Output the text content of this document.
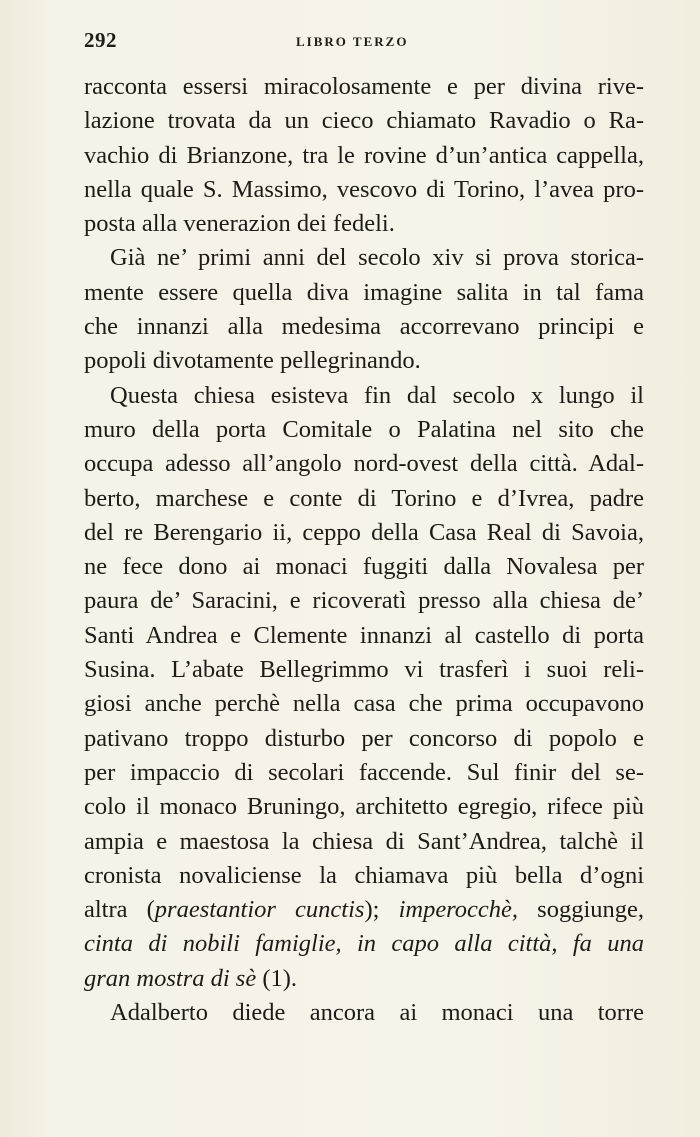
292	LIBRO TERZO
racconta essersi miracolosamente e per divina rive-
lazione trovata da un cieco chiamato Ravadio o Ra-
vachio di Brianzone, tra le rovine d’un’antica cappella,
nella quale S. Massimo, vescovo di Torino, l’avea pro-
posta alla venerazion dei fedeli.
Già ne’ primi anni del secolo xiv si prova storica-
mente essere quella diva imagine salita in tal fama
che innanzi alla medesima accorrevano principi e
popoli divotamente pellegrinando.
Questa chiesa esisteva fin dal secolo x lungo il
muro della porta Comitale o Palatina nel sito che
occupa adesso all’angolo nord-ovest della città. Adal-
berto, marchese e conte di Torino e d’Ivrea, padre
del re Berengario ii, ceppo della Casa Real di Savoia,
ne fece dono ai monaci fuggiti dalla Novalesa per
paura de’ Saracini, e ricoveratì presso alla chiesa de’
Santi Andrea e Clemente innanzi al castello di porta
Susina. L’abate Bellegrimmo vi trasferì i suoi reli-
giosi anche perchè nella casa che prima occupavono
pativano troppo disturbo per concorso di popolo e
per impaccio di secolari faccende. Sul finir del se-
colo il monaco Bruningo, architetto egregio, rifece più
ampia e maestosa la chiesa di Sant’Andrea, talchè il
cronista novaliciense la chiamava più bella d’ogni
altra (praestantior cunctis); imperocchè, soggiunge,
cinta di nobili famiglie, in capo alla città, fa una
gran mostra di sè (1).
Adalberto diede ancora ai monaci una torre
